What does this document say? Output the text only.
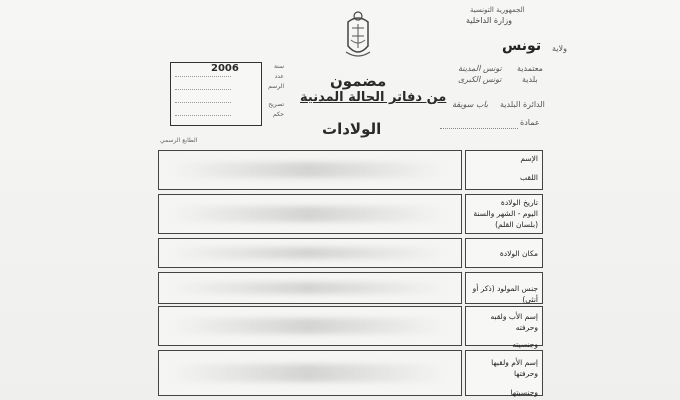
الجمهورية التونسية
وزارة الداخلية
ولاية
تونس
معتمدية
تونس المدينة
بلدية
تونس الكبرى
الدائرة البلدية
باب سويقة
عمادة
2006	سنة
عدد الرسم
تصريح
حكم
مضمون
من دفاتر الحالة المدنية
الولادات
الطابع الرسمي
الإسم
اللقب
تاريخ الولادة
اليوم - الشهر والسنة
(بلسان القلم)
مكان الولادة
جنس المولود (ذكر أو أنثى)
إسم الأب ولقبه وحرفته
وجنسيته
إسم الأم ولقبها وحرفتها
وجنسيتها
